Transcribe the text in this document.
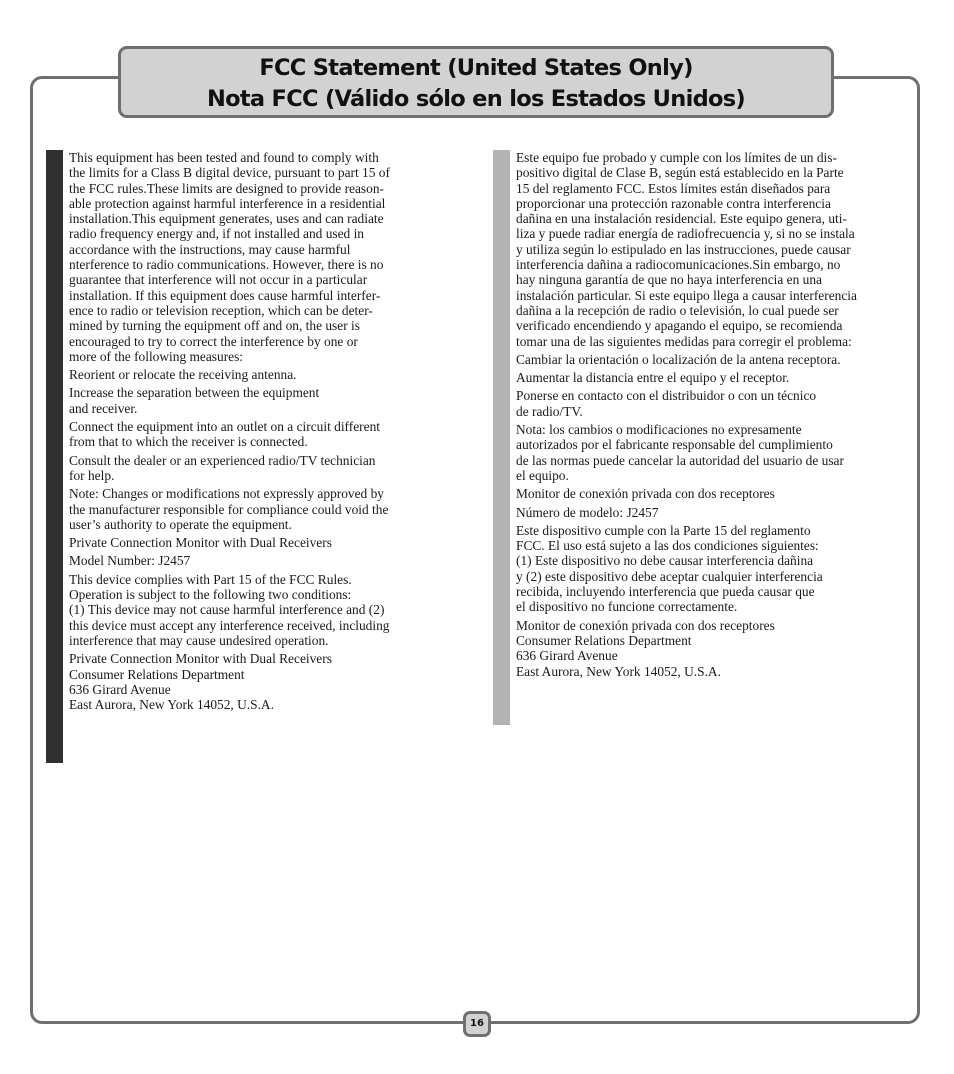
FCC Statement (United States Only)
Nota FCC (Válido sólo en los Estados Unidos)
This equipment has been tested and found to comply with
the limits for a Class B digital device, pursuant to part 15 of
the FCC rules.These limits are designed to provide reason-
able protection against harmful interference in a residential
installation.This equipment generates, uses and can radiate
radio frequency energy and, if not installed and used in
accordance with the instructions, may cause harmful
nterference to radio communications. However, there is no
guarantee that interference will not occur in a particular
installation. If this equipment does cause harmful interfer-
ence to radio or television reception, which can be deter-
mined by turning the equipment off and on, the user is
encouraged to try to correct the interference by one or
more of the following measures:
Reorient or relocate the receiving antenna.
Increase the separation between the equipment
and receiver.
Connect the equipment into an outlet on a circuit different
from that to which the receiver is connected.
Consult the dealer or an experienced radio/TV technician
for help.
Note: Changes or modifications not expressly approved by
the manufacturer responsible for compliance could void the
user’s authority to operate the equipment.
Private Connection Monitor with Dual Receivers
Model Number: J2457
This device complies with Part 15 of the FCC Rules.
Operation is subject to the following two conditions:
(1) This device may not cause harmful interference and (2)
this device must accept any interference received, including
interference that may cause undesired operation.
Private Connection Monitor with Dual Receivers
Consumer Relations Department
636 Girard Avenue
East Aurora, New York 14052, U.S.A.
Este equipo fue probado y cumple con los límites de un dis-
positivo digital de Clase B, según está establecido en la Parte
15 del reglamento FCC. Estos límites están diseñados para
proporcionar una protección razonable contra interferencia
dañina en una instalación residencial. Este equipo genera, uti-
liza y puede radiar energía de radiofrecuencia y, si no se instala
y utiliza según lo estipulado en las instrucciones, puede causar
interferencia dañina a radiocomunicaciones.Sin embargo, no
hay ninguna garantía de que no haya interferencia en una
instalación particular. Si este equipo llega a causar interferencia
dañina a la recepción de radio o televisión, lo cual puede ser
verificado encendiendo y apagando el equipo, se recomienda
tomar una de las siguientes medidas para corregir el problema:
Cambiar la orientación o localización de la antena receptora.
Aumentar la distancia entre el equipo y el receptor.
Ponerse en contacto con el distribuidor o con un técnico
de radio/TV.
Nota: los cambios o modificaciones no expresamente
autorizados por el fabricante responsable del cumplimiento
de las normas puede cancelar la autoridad del usuario de usar
el equipo.
Monitor de conexión privada con dos receptores
Número de modelo: J2457
Este dispositivo cumple con la Parte 15 del reglamento
FCC. El uso está sujeto a las dos condiciones siguientes:
(1) Este dispositivo no debe causar interferencia dañina
y (2) este dispositivo debe aceptar cualquier interferencia
recibida, incluyendo interferencia que pueda causar que
el dispositivo no funcione correctamente.
Monitor de conexión privada con dos receptores
Consumer Relations Department
636 Girard Avenue
East Aurora, New York 14052, U.S.A.
16
